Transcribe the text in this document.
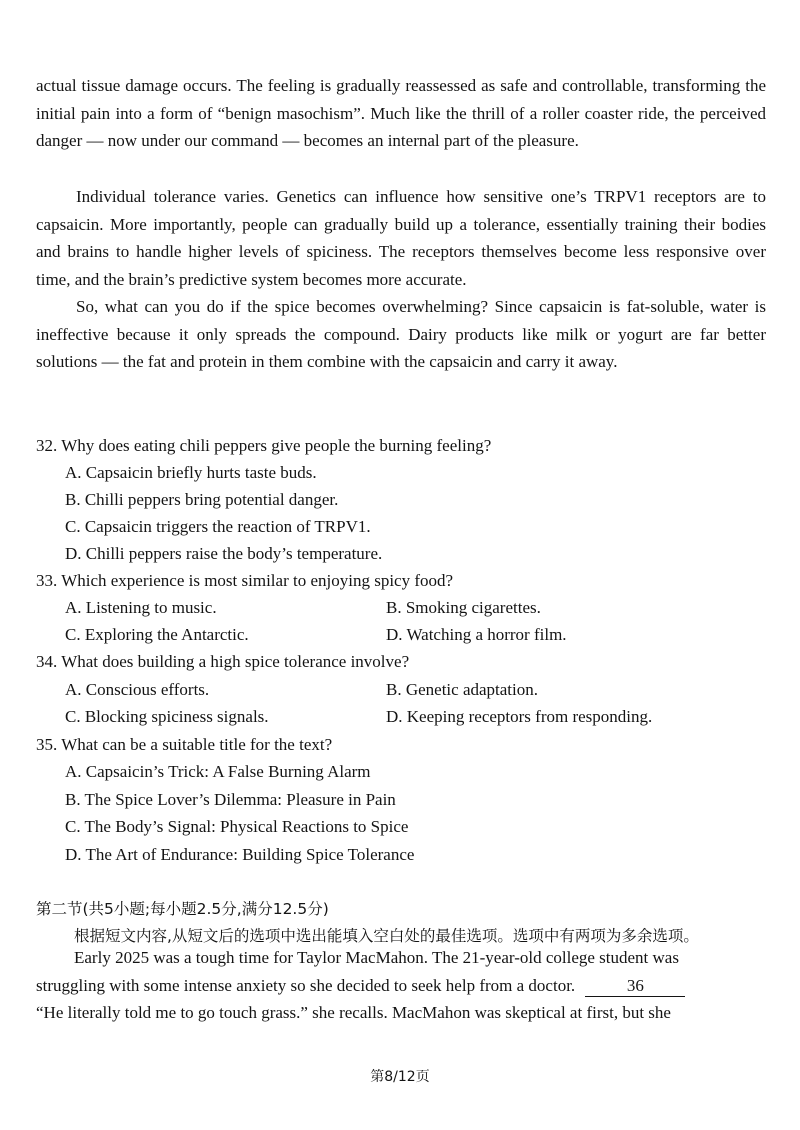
actual tissue damage occurs. The feeling is gradually reassessed as safe and controllable, transforming the initial pain into a form of “benign masochism”. Much like the thrill of a roller coaster ride, the perceived danger — now under our command — becomes an internal part of the pleasure.

Individual tolerance varies. Genetics can influence how sensitive one’s TRPV1 receptors are to capsaicin. More importantly, people can gradually build up a tolerance, essentially training their bodies and brains to handle higher levels of spiciness. The receptors themselves become less responsive over time, and the brain’s predictive system becomes more accurate.

So, what can you do if the spice becomes overwhelming? Since capsaicin is fat-soluble, water is ineffective because it only spreads the compound. Dairy products like milk or yogurt are far better solutions — the fat and protein in them combine with the capsaicin and carry it away.

32. Why does eating chili peppers give people the burning feeling?

A. Capsaicin briefly hurts taste buds.

B. Chilli peppers bring potential danger.

C. Capsaicin triggers the reaction of TRPV1.

D. Chilli peppers raise the body’s temperature.

33. Which experience is most similar to enjoying spicy food?

A. Listening to music.	B. Smoking cigarettes.

C. Exploring the Antarctic.	D. Watching a horror film.

34. What does building a high spice tolerance involve?

A. Conscious efforts.	B. Genetic adaptation.

C. Blocking spiciness signals.	D. Keeping receptors from responding.

35. What can be a suitable title for the text?

A. Capsaicin’s Trick: A False Burning Alarm

B. The Spice Lover’s Dilemma: Pleasure in Pain

C. The Body’s Signal: Physical Reactions to Spice

D. The Art of Endurance: Building Spice Tolerance

第二节(共5小题;每小题2.5分,满分12.5分)

根据短文内容,从短文后的选项中选出能填入空白处的最佳选项。选项中有两项为多余选项。

Early 2025 was a tough time for Taylor MacMahon. The 21-year-old college student was

struggling with some intense anxiety so she decided to seek help from a doctor.	36

“He literally told me to go touch grass.” she recalls. MacMahon was skeptical at first, but she

第8/12页
